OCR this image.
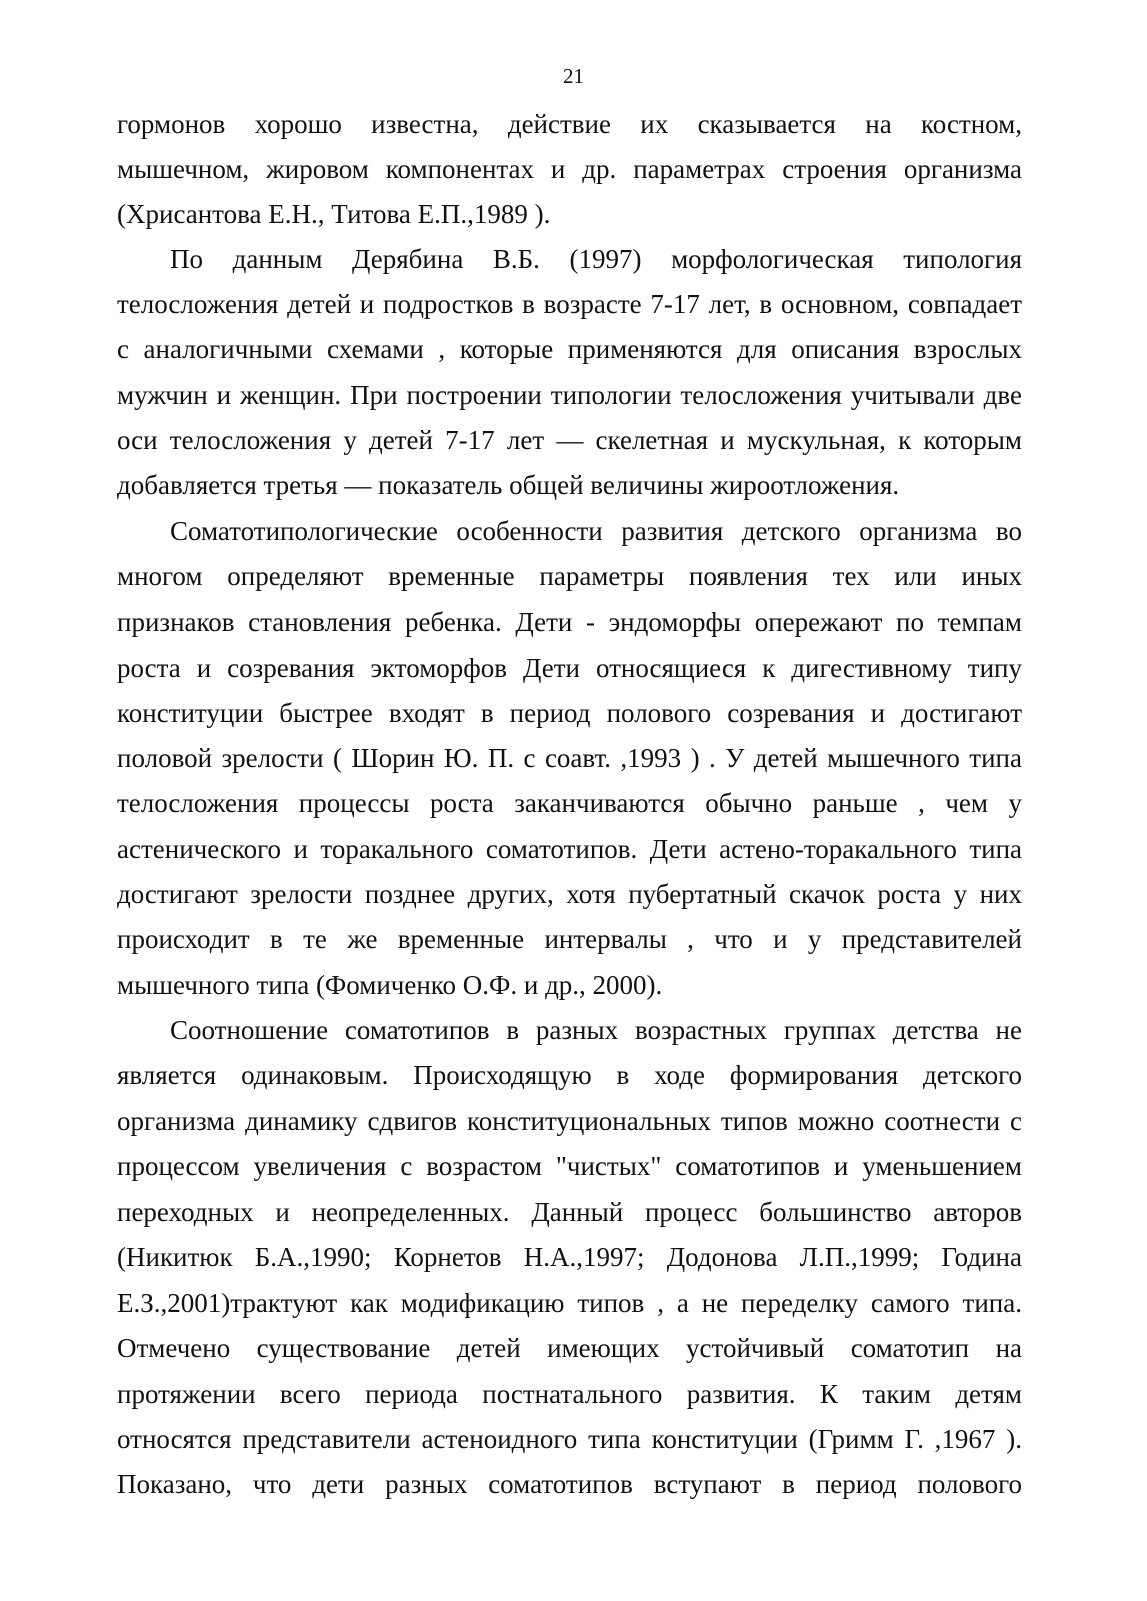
21
гормонов хорошо известна, действие их сказывается на костном,
мышечном, жировом компонентах и др. параметрах строения организма
(Хрисантова Е.Н., Титова Е.П.,1989 ).
По данным Дерябина В.Б. (1997) морфологическая типология
телосложения детей и подростков в возрасте 7-17 лет, в основном, совпадает
с аналогичными схемами , которые применяются для описания взрослых
мужчин и женщин. При построении типологии телосложения учитывали две
оси телосложения у детей 7-17 лет — скелетная и мускульная, к которым
добавляется третья — показатель общей величины жироотложения.
Соматотипологические особенности развития детского организма во
многом определяют временные параметры появления тех или иных
признаков становления ребенка. Дети - эндоморфы опережают по темпам
роста и созревания эктоморфов Дети относящиеся к дигестивному типу
конституции быстрее входят в период полового созревания и достигают
половой зрелости ( Шорин Ю. П. с соавт. ,1993 ) . У детей мышечного типа
телосложения процессы роста заканчиваются обычно раньше , чем у
астенического и торакального соматотипов. Дети астено-торакального типа
достигают зрелости позднее других, хотя пубертатный скачок роста у них
происходит в те же временные интервалы , что и у представителей
мышечного типа (Фомиченко О.Ф. и др., 2000).
Соотношение соматотипов в разных возрастных группах детства не
является одинаковым. Происходящую в ходе формирования детского
организма динамику сдвигов конституциональных типов можно соотнести с
процессом увеличения с возрастом "чистых" соматотипов и уменьшением
переходных и неопределенных. Данный процесс большинство авторов
(Никитюк Б.А.,1990; Корнетов Н.А.,1997; Додонова Л.П.,1999; Година
Е.З.,2001)трактуют как модификацию типов , а не переделку самого типа.
Отмечено существование детей имеющих устойчивый соматотип на
протяжении всего периода постнатального развития. К таким детям
относятся представители астеноидного типа конституции (Гримм Г. ,1967 ).
Показано, что дети разных соматотипов вступают в период полового
